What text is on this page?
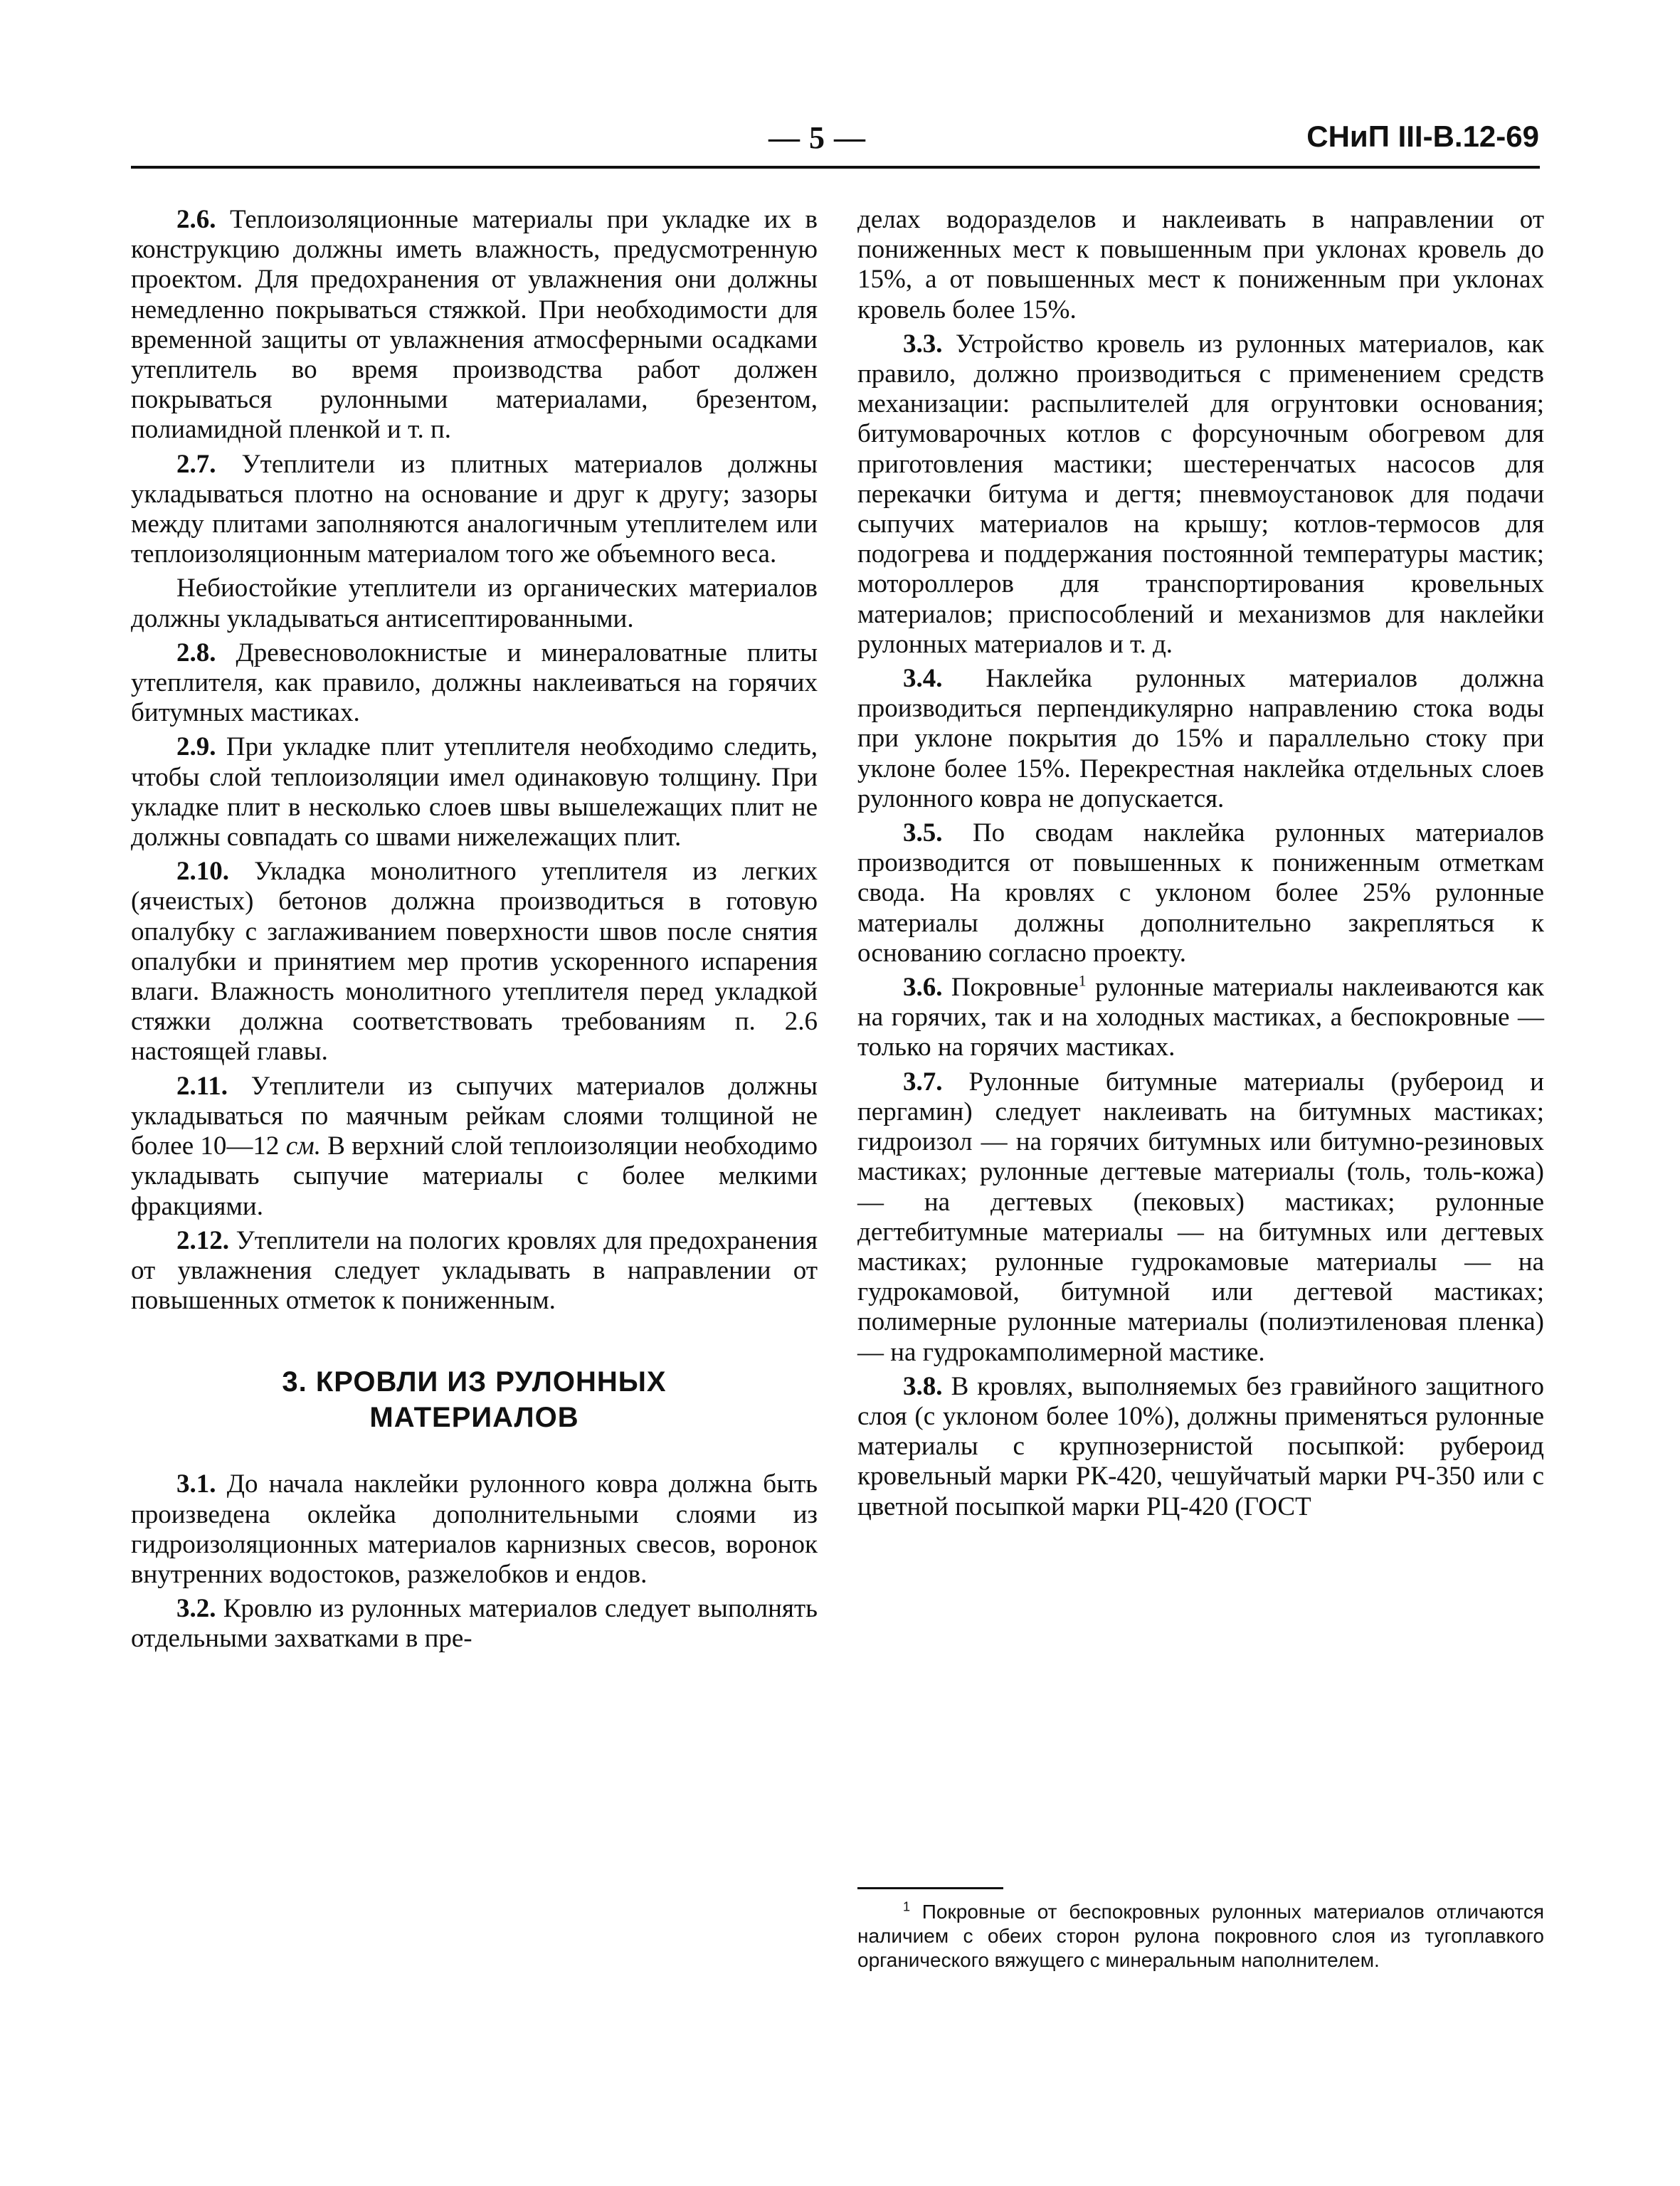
— 5 —	СНиП III-В.12-69

2.6. Теплоизоляционные материалы при укладке их в конструкцию должны иметь влажность, предусмотренную проектом. Для предохранения от увлажнения они должны немедленно покрываться стяжкой. При необходимости для временной защиты от увлажнения атмосферными осадками утеплитель во время производства работ должен покрываться рулонными материалами, брезентом, полиамидной пленкой и т. п.

2.7. Утеплители из плитных материалов должны укладываться плотно на основание и друг к другу; зазоры между плитами заполняются аналогичным утеплителем или теплоизоляционным материалом того же объемного веса.

Небиостойкие утеплители из органических материалов должны укладываться антисептированными.

2.8. Древесноволокнистые и минераловатные плиты утеплителя, как правило, должны наклеиваться на горячих битумных мастиках.

2.9. При укладке плит утеплителя необходимо следить, чтобы слой теплоизоляции имел одинаковую толщину. При укладке плит в несколько слоев швы вышележащих плит не должны совпадать со швами нижележащих плит.

2.10. Укладка монолитного утеплителя из легких (ячеистых) бетонов должна производиться в готовую опалубку с заглаживанием поверхности швов после снятия опалубки и принятием мер против ускоренного испарения влаги. Влажность монолитного утеплителя перед укладкой стяжки должна соответствовать требованиям п. 2.6 настоящей главы.

2.11. Утеплители из сыпучих материалов должны укладываться по маячным рейкам слоями толщиной не более 10—12 см. В верхний слой теплоизоляции необходимо укладывать сыпучие материалы с более мелкими фракциями.

2.12. Утеплители на пологих кровлях для предохранения от увлажнения следует укладывать в направлении от повышенных отметок к пониженным.

3. КРОВЛИ ИЗ РУЛОННЫХ
МАТЕРИАЛОВ

3.1. До начала наклейки рулонного ковра должна быть произведена оклейка дополнительными слоями из гидроизоляционных материалов карнизных свесов, воронок внутренних водостоков, разжелобков и ендов.

3.2. Кровлю из рулонных материалов следует выполнять отдельными захватками в пре-

делах водоразделов и наклеивать в направлении от пониженных мест к повышенным при уклонах кровель до 15%, а от повышенных мест к пониженным при уклонах кровель более 15%.

3.3. Устройство кровель из рулонных материалов, как правило, должно производиться с применением средств механизации: распылителей для огрунтовки основания; битумоварочных котлов с форсуночным обогревом для приготовления мастики; шестеренчатых насосов для перекачки битума и дегтя; пневмоустановок для подачи сыпучих материалов на крышу; котлов-термосов для подогрева и поддержания постоянной температуры мастик; мотороллеров для транспортирования кровельных материалов; приспособлений и механизмов для наклейки рулонных материалов и т. д.

3.4. Наклейка рулонных материалов должна производиться перпендикулярно направлению стока воды при уклоне покрытия до 15% и параллельно стоку при уклоне более 15%. Перекрестная наклейка отдельных слоев рулонного ковра не допускается.

3.5. По сводам наклейка рулонных материалов производится от повышенных к пониженным отметкам свода. На кровлях с уклоном более 25% рулонные материалы должны дополнительно закрепляться к основанию согласно проекту.

3.6. Покровные$^1$ рулонные материалы наклеиваются как на горячих, так и на холодных мастиках, а беспокровные — только на горячих мастиках.

3.7. Рулонные битумные материалы (рубероид и пергамин) следует наклеивать на битумных мастиках; гидроизол — на горячих битумных или битумно-резиновых мастиках; рулонные дегтевые материалы (толь, толь-кожа) — на дегтевых (пековых) мастиках; рулонные дегтебитумные материалы — на битумных или дегтевых мастиках; рулонные гудрокамовые материалы — на гудрокамовой, битумной или дегтевой мастиках; полимерные рулонные материалы (полиэтиленовая пленка) — на гудрокамполимерной мастике.

3.8. В кровлях, выполняемых без гравийного защитного слоя (с уклоном более 10%), должны применяться рулонные материалы с крупнозернистой посыпкой: рубероид кровельный марки РК-420, чешуйчатый марки РЧ-350 или с цветной посыпкой марки РЦ-420 (ГОСТ

$^1$ Покровные от беспокровных рулонных материалов отличаются наличием с обеих сторон рулона покровного слоя из тугоплавкого органического вяжущего с минеральным наполнителем.
